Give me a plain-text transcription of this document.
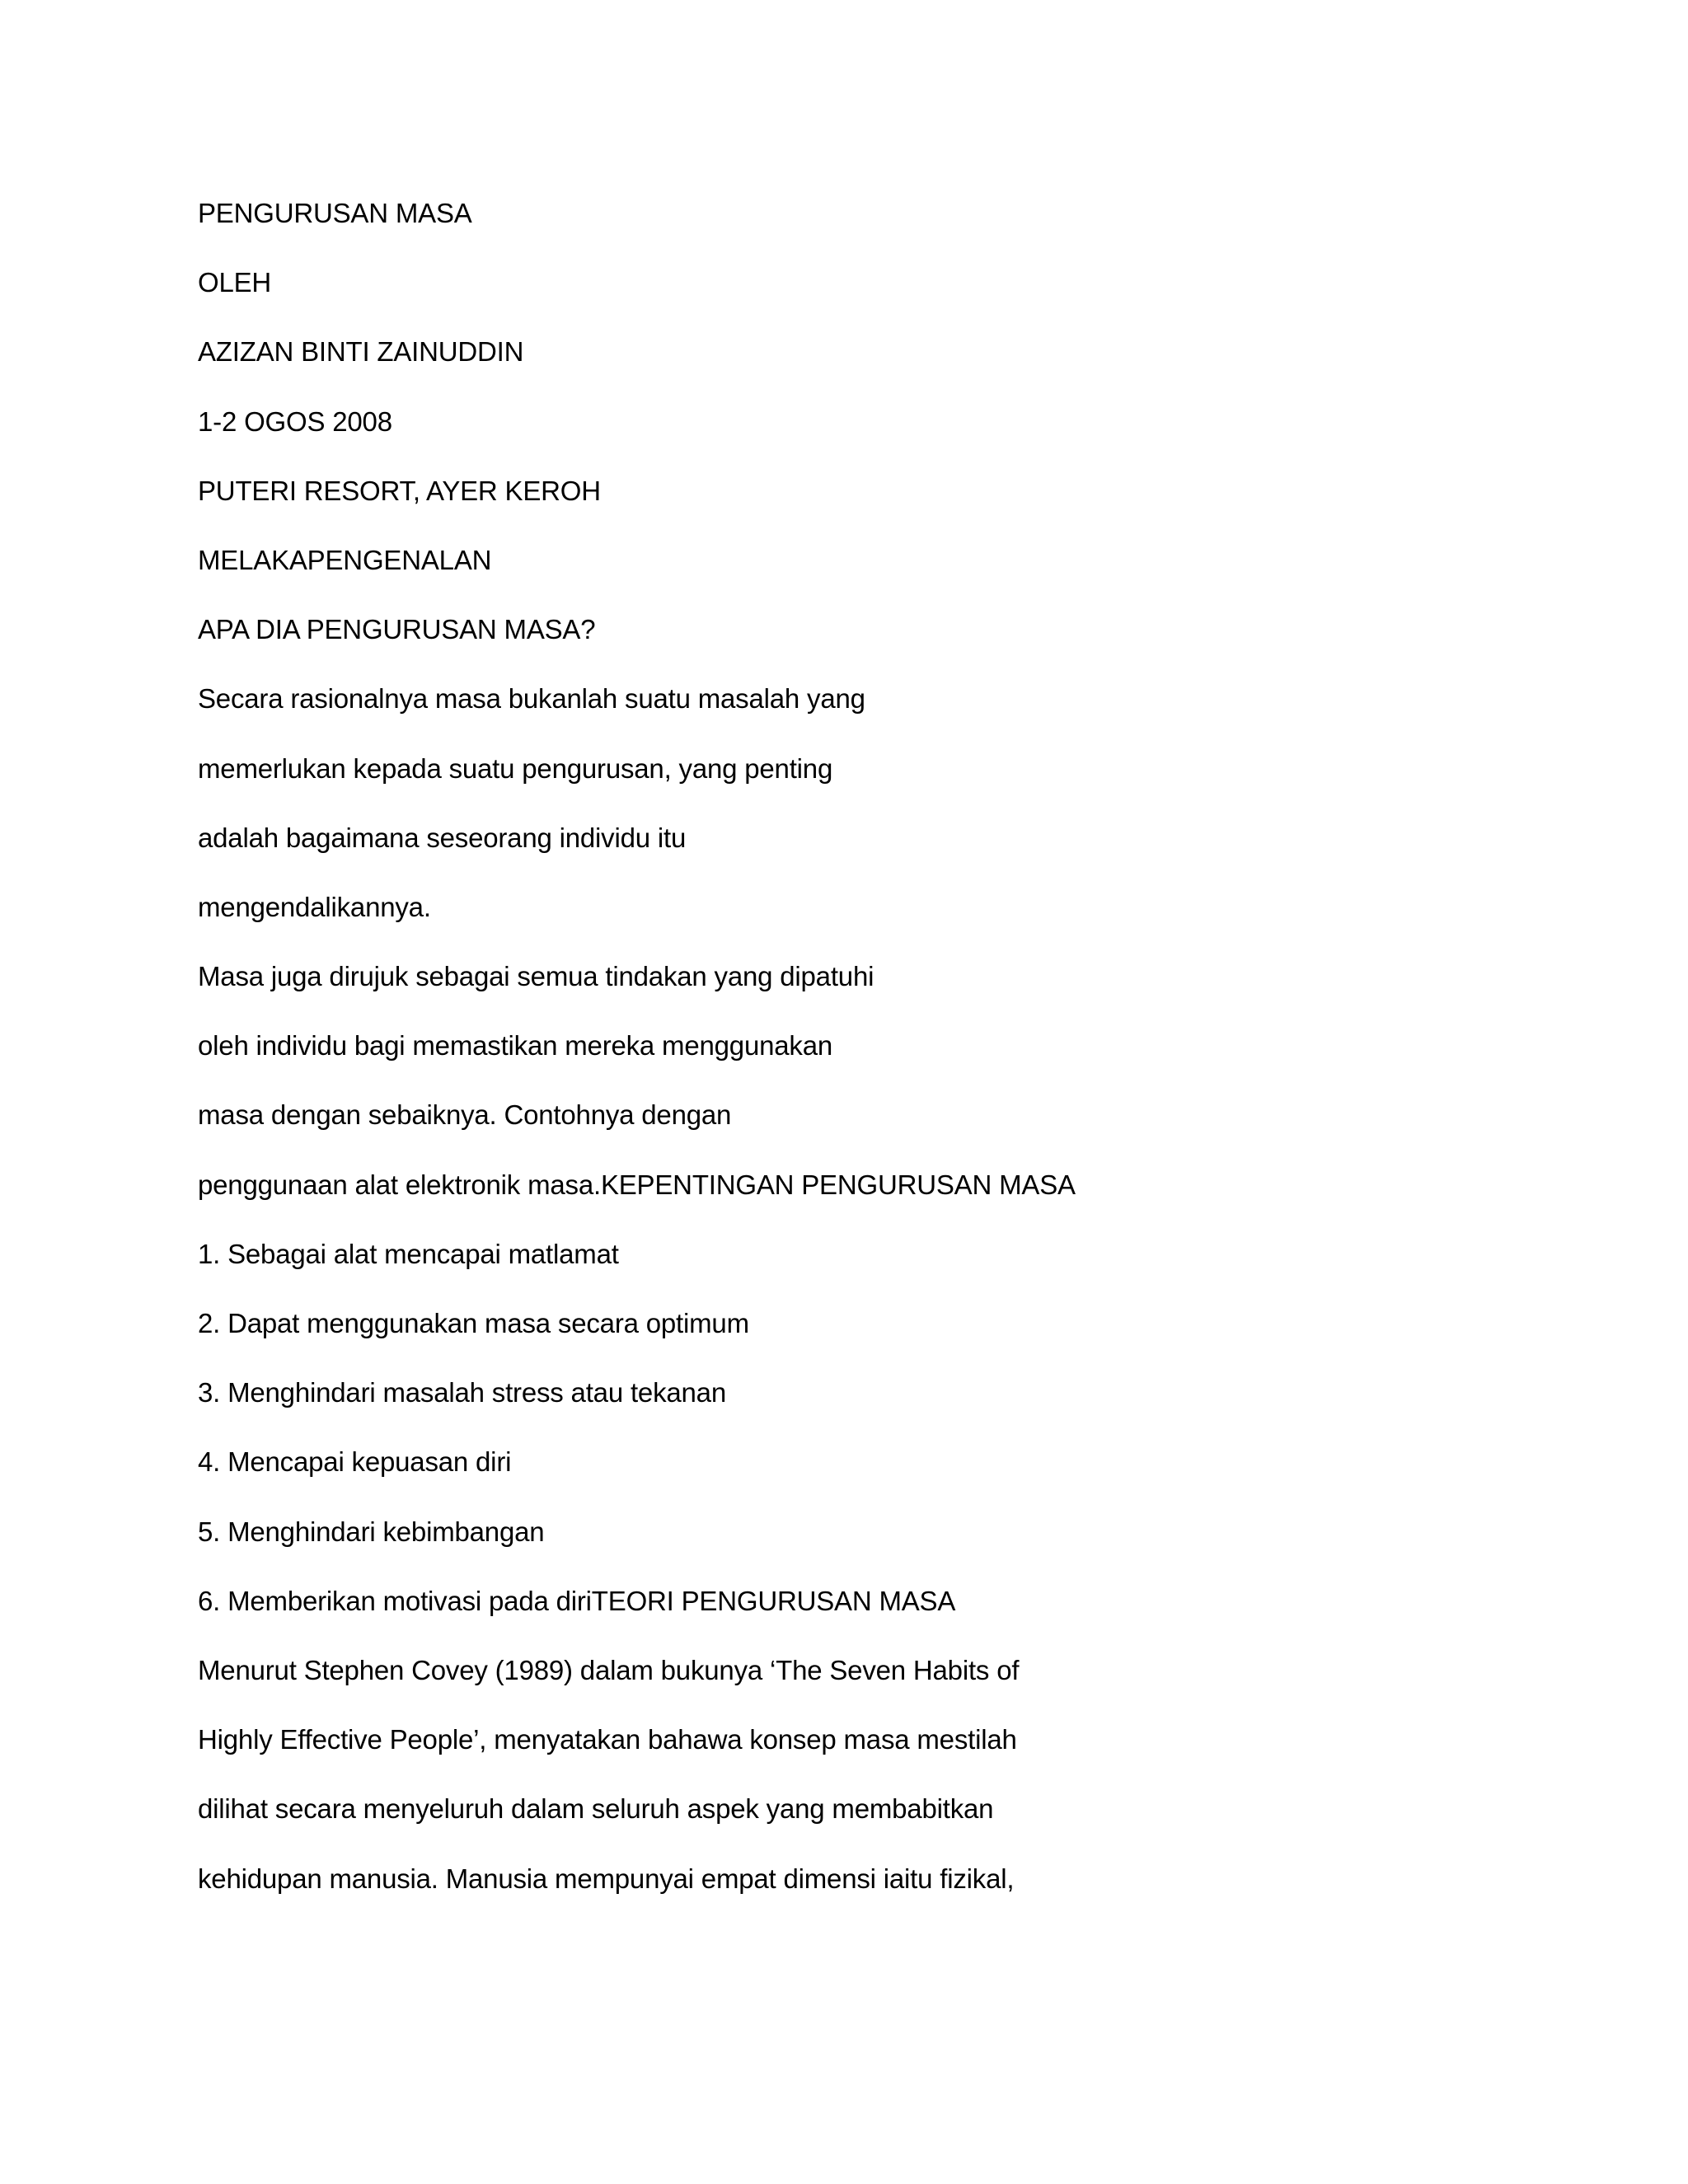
PENGURUSAN MASA
OLEH
AZIZAN BINTI ZAINUDDIN
1-2 OGOS 2008
PUTERI RESORT, AYER KEROH
MELAKAPENGENALAN
APA DIA PENGURUSAN MASA?
Secara rasionalnya masa bukanlah suatu masalah yang
memerlukan kepada suatu pengurusan, yang penting
adalah bagaimana seseorang individu itu
mengendalikannya.
Masa juga dirujuk sebagai semua tindakan yang dipatuhi
oleh individu bagi memastikan mereka menggunakan
masa dengan sebaiknya. Contohnya dengan
penggunaan alat elektronik masa.KEPENTINGAN PENGURUSAN MASA
1. Sebagai alat mencapai matlamat
2. Dapat menggunakan masa secara optimum
3. Menghindari masalah stress atau tekanan
4. Mencapai kepuasan diri
5. Menghindari kebimbangan
6. Memberikan motivasi pada diriTEORI PENGURUSAN MASA
Menurut Stephen Covey (1989) dalam bukunya ‘The Seven Habits of
Highly Effective People’, menyatakan bahawa konsep masa mestilah
dilihat secara menyeluruh dalam seluruh aspek yang membabitkan
kehidupan manusia. Manusia mempunyai empat dimensi iaitu fizikal,
